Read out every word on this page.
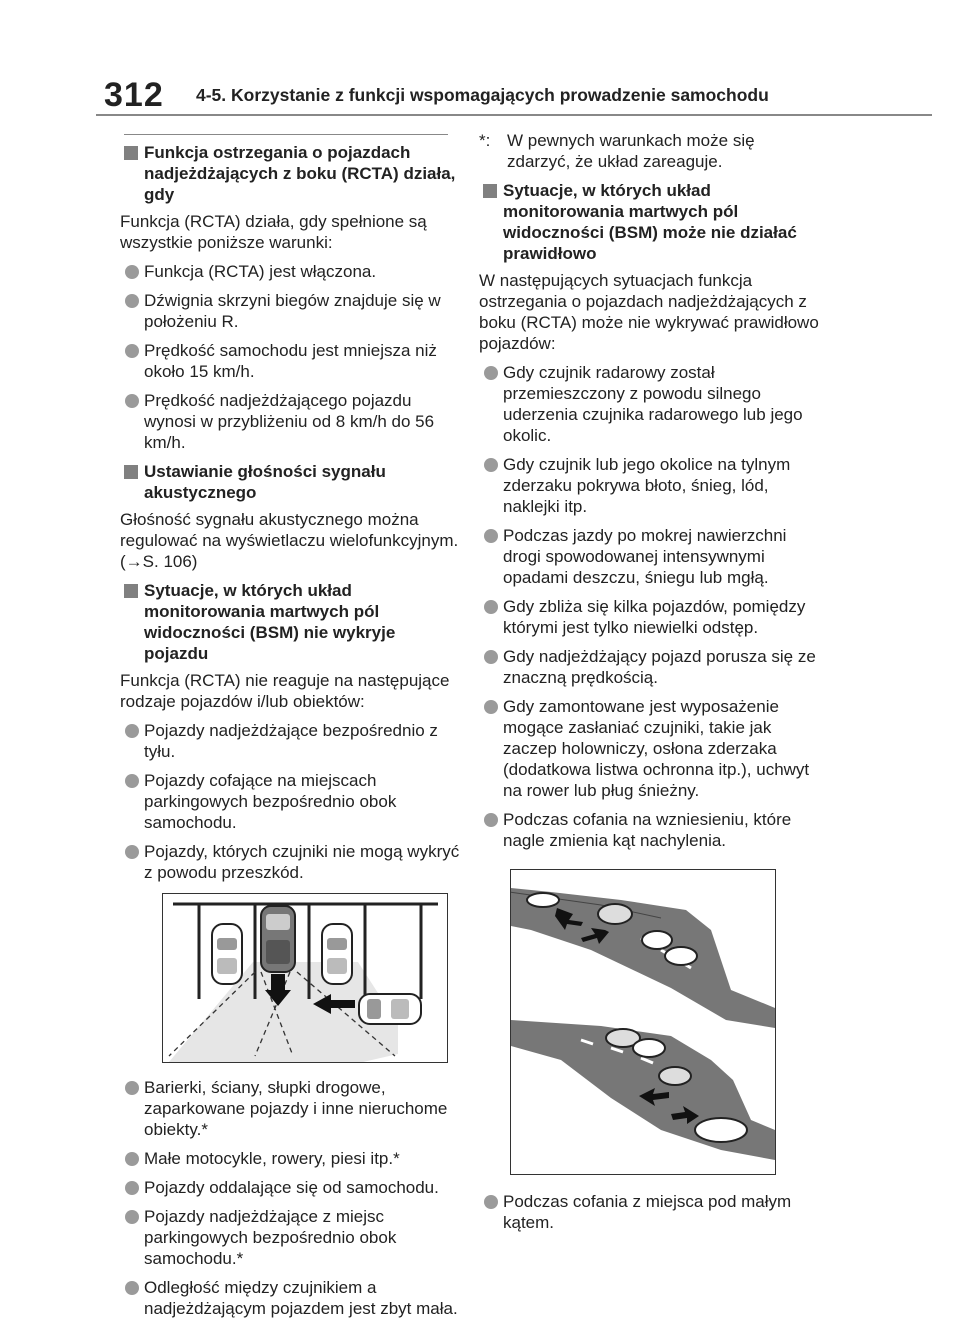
312 4-5. Korzystanie z funkcji wspomagających prowadzenie samochodu
Funkcja ostrzegania o pojazdach nadjeżdżających z boku (RCTA) działa, gdy
Funkcja (RCTA) działa, gdy spełnione są wszystkie poniższe warunki:
Funkcja (RCTA) jest włączona.
Dźwignia skrzyni biegów znajduje się w położeniu R.
Prędkość samochodu jest mniejsza niż około 15 km/h.
Prędkość nadjeżdżającego pojazdu wynosi w przybliżeniu od 8 km/h do 56 km/h.
Ustawianie głośności sygnału akustycznego
Głośność sygnału akustycznego można regulować na wyświetlaczu wielofunkcyjnym. (→S. 106)
Sytuacje, w których układ monitorowania martwych pól widoczności (BSM) nie wykryje pojazdu
Funkcja (RCTA) nie reaguje na następujące rodzaje pojazdów i/lub obiektów:
Pojazdy nadjeżdżające bezpośrednio z tyłu.
Pojazdy cofające na miejscach parkingowych bezpośrednio obok samochodu.
Pojazdy, których czujniki nie mogą wykryć z powodu przeszkód.
Barierki, ściany, słupki drogowe, zaparkowane pojazdy i inne nieruchome obiekty.*
Małe motocykle, rowery, piesi itp.*
Pojazdy oddalające się od samochodu.
Pojazdy nadjeżdżające z miejsc parkingowych bezpośrednio obok samochodu.*
Odległość między czujnikiem a nadjeżdżającym pojazdem jest zbyt mała.
*: W pewnych warunkach może się zdarzyć, że układ zareaguje.
Sytuacje, w których układ monitorowania martwych pól widoczności (BSM) może nie działać prawidłowo
W następujących sytuacjach funkcja ostrzegania o pojazdach nadjeżdżających z boku (RCTA) może nie wykrywać prawidłowo pojazdów:
Gdy czujnik radarowy został przemieszczony z powodu silnego uderzenia czujnika radarowego lub jego okolic.
Gdy czujnik lub jego okolice na tylnym zderzaku pokrywa błoto, śnieg, lód, naklejki itp.
Podczas jazdy po mokrej nawierzchni drogi spowodowanej intensywnymi opadami deszczu, śniegu lub mgłą.
Gdy zbliża się kilka pojazdów, pomiędzy którymi jest tylko niewielki odstęp.
Gdy nadjeżdżający pojazd porusza się ze znaczną prędkością.
Gdy zamontowane jest wyposażenie mogące zasłaniać czujniki, takie jak zaczep holowniczy, osłona zderzaka (dodatkowa listwa ochronna itp.), uchwyt na rower lub pług śnieżny.
Podczas cofania na wzniesieniu, które nagle zmienia kąt nachylenia.
Podczas cofania z miejsca pod małym kątem.
